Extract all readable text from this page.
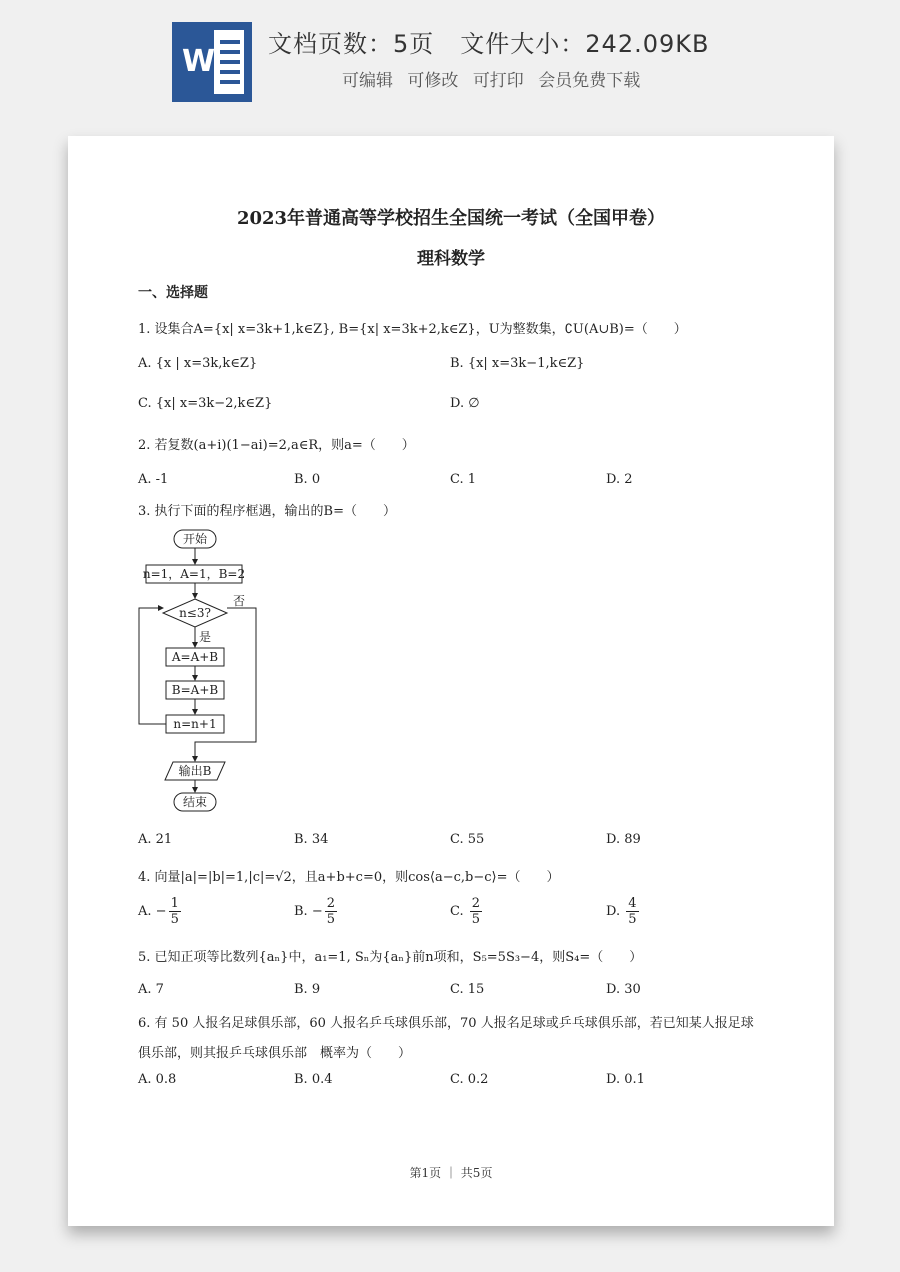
W 文档页数：5页 文件大小：242.09KB
可编辑 可修改 可打印 会员免费下载
2023年普通高等学校招生全国统一考试（全国甲卷）
理科数学
一、选择题
1. 设集合A={x| x=3k+1,k∈Z}, B={x| x=3k+2,k∈Z}，U为整数集，∁U(A∪B)=（　　）
A. {x | x=3k,k∈Z}	B. {x| x=3k−1,k∈Z}
C. {x| x=3k−2,k∈Z}	D. ∅
2. 若复数(a+i)(1−ai)=2,a∈R，则a=（　　）
A. -1	B. 0	C. 1	D. 2
3. 执行下面的程序框遇，输出的B=（　　）
开始
n=1，A=1，B=2
n≤3?
否
是
A=A+B
B=A+B
n=n+1
输出B
结束
A. 21	B. 34	C. 55	D. 89
4. 向量|a|=|b|=1,|c|=√2，且a+b+c=0，则cos⟨a−c,b−c⟩=（　　）
A. − $\frac{1}{5}$	B. − $\frac{2}{5}$	C. $\frac{2}{5}$	D. $\frac{4}{5}$
5. 已知正项等比数列{aₙ}中，a₁=1, Sₙ为{aₙ}前n项和，S₅=5S₃−4，则S₄=（　　）
A. 7	B. 9	C. 15	D. 30
6. 有 50 人报名足球俱乐部，60 人报名乒乓球俱乐部，70 人报名足球或乒乓球俱乐部，若已知某人报足球
俱乐部，则其报乒乓球俱乐部　概率为（　　）
A. 0.8	B. 0.4	C. 0.2	D. 0.1
第1页 ｜ 共5页
